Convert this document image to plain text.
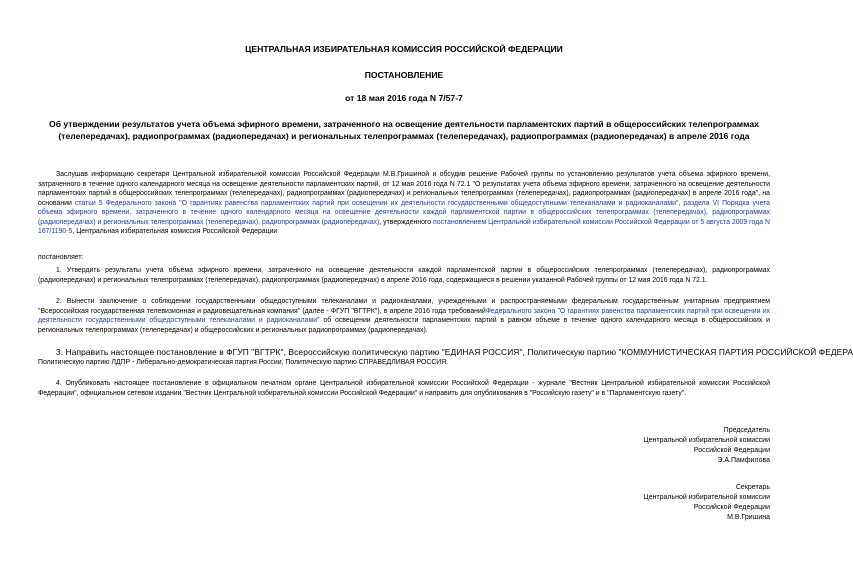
ЦЕНТРАЛЬНАЯ ИЗБИРАТЕЛЬНАЯ КОМИССИЯ РОССИЙСКОЙ ФЕДЕРАЦИИ
ПОСТАНОВЛЕНИЕ
от 18 мая 2016 года N 7/57-7
Об утверждении результатов учета объема эфирного времени, затраченного на освещение деятельности парламентских партий в общероссийских телепрограммах (телепередачах), радиопрограммах (радиопередачах) и региональных телепрограммах (телепередачах), радиопрограммах (радиопередачах) в апреле 2016 года
Заслушав информацию секретаря Центральной избирательной комиссии Российской Федерации М.В.Гришиной и обсудив решение Рабочей группы по установлению результатов учета объема эфирного времени, затраченного в течение одного календарного месяца на освещение деятельности парламентских партий, от 12 мая 2016 года N 72.1 "О результатах учета объема эфирного времени, затраченного на освещение деятельности парламентских партий в общероссийских телепрограммах (телепередачах), радиопрограммах (радиопередачах) и региональных телепрограммах (телепередачах), радиопрограммах (радиопередачах) в апреле 2016 года", на основании статьи 5 Федерального закона "О гарантиях равенства парламентских партий при освещении их деятельности государственными общедоступными телеканалами и радиоканалами", раздела VI Порядка учета объема эфирного времени, затраченного в течение одного календарного месяца на освещение деятельности каждой парламентской партии в общероссийских телепрограммах (телепередачах), радиопрограммах (радиопередачах) и региональных телепрограммах (телепередачах), радиопрограммах (радиопередачах), утвержденного постановлением Центральной избирательной комиссии Российской Федерации от 5 августа 2009 года N 167/1190-5, Центральная избирательная комиссия Российской Федерации
постановляет:
1. Утвердить результаты учета объема эфирного времени, затраченного на освещение деятельности каждой парламентской партии в общероссийских телепрограммах (телепередачах), радиопрограммах (радиопередачах) и региональных телепрограммах (телепередачах), радиопрограммах (радиопередачах) в апреле 2016 года, содержащиеся в решении указанной Рабочей группы от 12 мая 2016 года N 72.1.
2. Вынести заключение о соблюдении государственными общедоступными телеканалами и радиоканалами, учрежденными и распространяемыми федеральным государственным унитарным предприятием "Всероссийская государственная телевизионная и радиовещательная компания" (далее - ФГУП "ВГТРК"), в апреле 2016 года требованийФедерального закона "О гарантиях равенства парламентских партий при освещении их деятельности государственными общедоступными телеканалами и радиоканалами" об освещении деятельности парламентских партий в равном объеме в течение одного календарного месяца в общероссийских и региональных телепрограммах (телепередачах) и общероссийских и региональных радиопрограммах (радиопередачах).
3. Направить настоящее постановление в ФГУП "ВГТРК", Всероссийскую политическую партию "ЕДИНАЯ РОССИЯ", Политическую партию "КОММУНИСТИЧЕСКАЯ ПАРТИЯ РОССИЙСКОЙ ФЕДЕРА
Политическую партию ЛДПР - Либерально-демократическая партия России, Политическую партию СПРАВЕДЛИВАЯ РОССИЯ.
4. Опубликовать настоящее постановление в официальном печатном органе Центральной избирательной комиссии Российской Федерации - журнале "Вестник Центральной избирательной комиссии Российской Федерации", официальном сетевом издании "Вестник Центральной избирательной комиссии Российской Федерации" и направить для опубликования в "Российскую газету" и в "Парламентскую газету".
Председатель
Центральной избирательной комиссии
Российской Федерации
Э.А.Памфилова
Секретарь
Центральной избирательной комиссии
Российской Федерации
М.В.Гришина
